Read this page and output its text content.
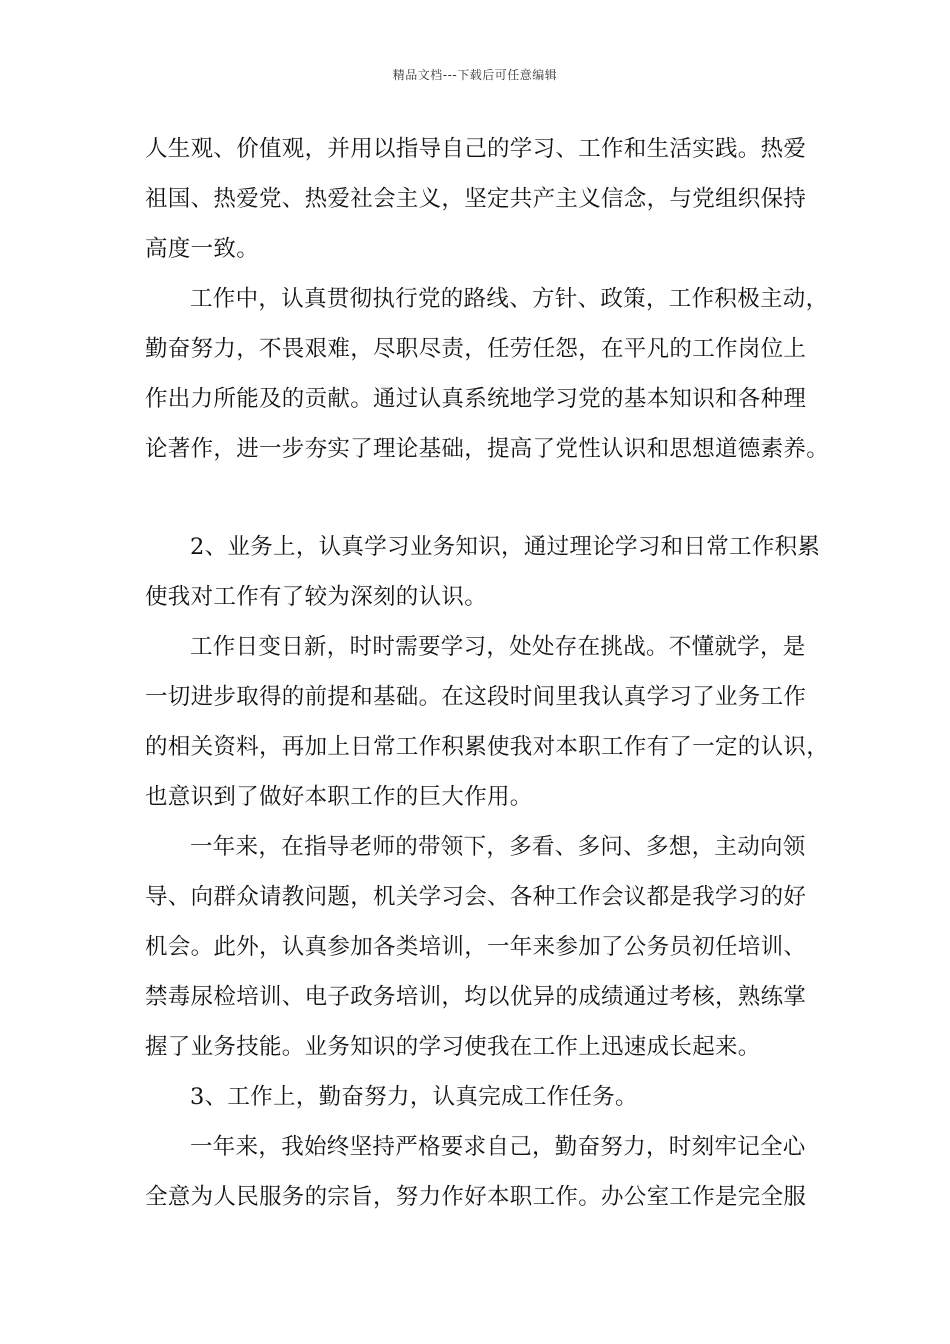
精品文档---下载后可任意编辑
人生观、价值观，并用以指导自己的学习、工作和生活实践。热爱
祖国、热爱党、热爱社会主义，坚定共产主义信念，与党组织保持
高度一致。
工作中，认真贯彻执行党的路线、方针、政策，工作积极主动，
勤奋努力，不畏艰难，尽职尽责，任劳任怨，在平凡的工作岗位上
作出力所能及的贡献。通过认真系统地学习党的基本知识和各种理
论著作，进一步夯实了理论基础，提高了党性认识和思想道德素养。
2、业务上，认真学习业务知识，通过理论学习和日常工作积累
使我对工作有了较为深刻的认识。
工作日变日新，时时需要学习，处处存在挑战。不懂就学，是
一切进步取得的前提和基础。在这段时间里我认真学习了业务工作
的相关资料，再加上日常工作积累使我对本职工作有了一定的认识，
也意识到了做好本职工作的巨大作用。
一年来，在指导老师的带领下，多看、多问、多想，主动向领
导、向群众请教问题，机关学习会、各种工作会议都是我学习的好
机会。此外，认真参加各类培训，一年来参加了公务员初任培训、
禁毒尿检培训、电子政务培训，均以优异的成绩通过考核，熟练掌
握了业务技能。业务知识的学习使我在工作上迅速成长起来。
3、工作上，勤奋努力，认真完成工作任务。
一年来，我始终坚持严格要求自己，勤奋努力，时刻牢记全心
全意为人民服务的宗旨，努力作好本职工作。办公室工作是完全服
